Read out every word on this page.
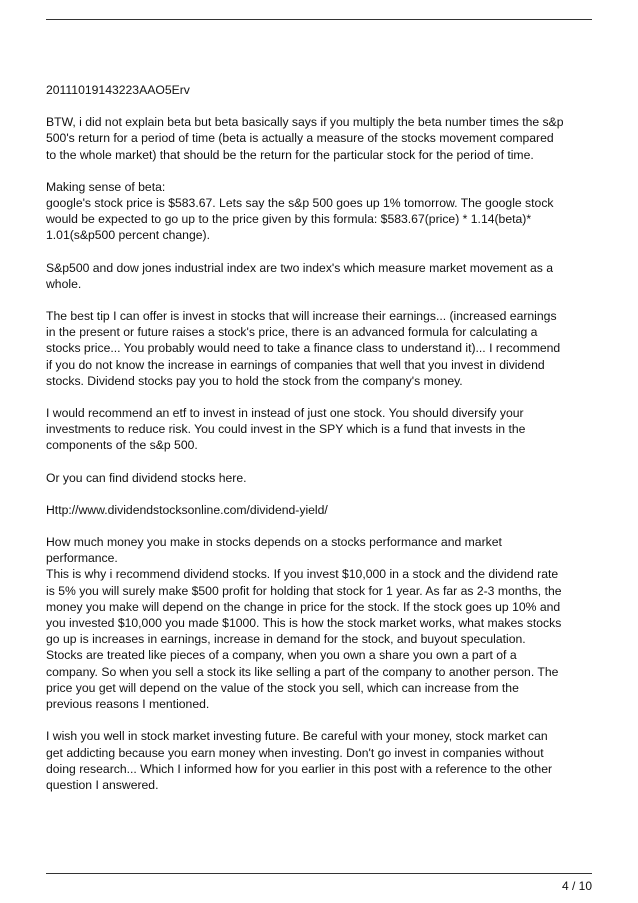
20111019143223AAO5Erv

BTW, i did not explain beta but beta basically says if you multiply the beta number times the s&p
500's return for a period of time (beta is actually a measure of the stocks movement compared
to the whole market) that should be the return for the particular stock for the period of time.

Making sense of beta:
google's stock price is $583.67. Lets say the s&p 500 goes up 1% tomorrow. The google stock
would be expected to go up to the price given by this formula: $583.67(price) * 1.14(beta)*
1.01(s&p500 percent change).

S&p500 and dow jones industrial index are two index's which measure market movement as a
whole.

The best tip I can offer is invest in stocks that will increase their earnings... (increased earnings
in the present or future raises a stock's price, there is an advanced formula for calculating a
stocks price... You probably would need to take a finance class to understand it)... I recommend
if you do not know the increase in earnings of companies that well that you invest in dividend
stocks. Dividend stocks pay you to hold the stock from the company's money.

I would recommend an etf to invest in instead of just one stock. You should diversify your
investments to reduce risk. You could invest in the SPY which is a fund that invests in the
components of the s&p 500.

Or you can find dividend stocks here.

Http://www.dividendstocksonline.com/dividend-yield/

How much money you make in stocks depends on a stocks performance and market
performance.
This is why i recommend dividend stocks. If you invest $10,000 in a stock and the dividend rate
is 5% you will surely make $500 profit for holding that stock for 1 year. As far as 2-3 months, the
money you make will depend on the change in price for the stock. If the stock goes up 10% and
you invested $10,000 you made $1000. This is how the stock market works, what makes stocks
go up is increases in earnings, increase in demand for the stock, and buyout speculation.
Stocks are treated like pieces of a company, when you own a share you own a part of a
company. So when you sell a stock its like selling a part of the company to another person. The
price you get will depend on the value of the stock you sell, which can increase from the
previous reasons I mentioned.

I wish you well in stock market investing future. Be careful with your money, stock market can
get addicting because you earn money when investing. Don't go invest in companies without
doing research... Which I informed how for you earlier in this post with a reference to the other
question I answered.

4 / 10
